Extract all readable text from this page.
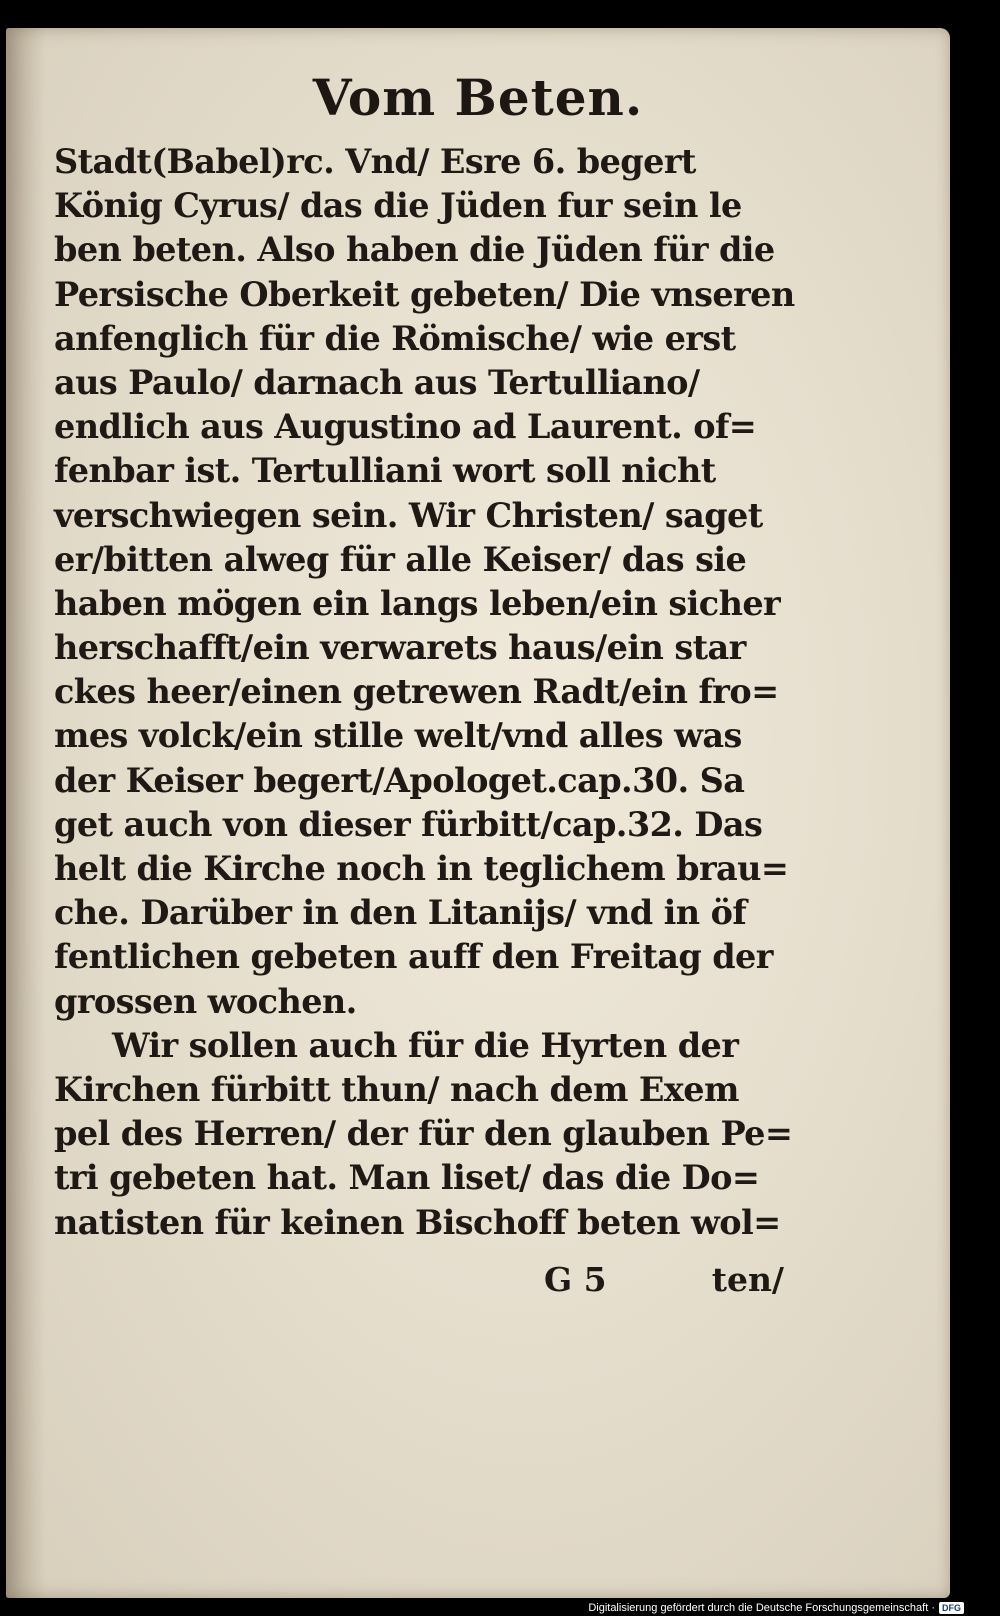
Vom Beten.
Stadt(Babel)rc. Vnd/ Esre 6. begert
König Cyrus/ das die Jüden fur sein le
ben beten. Also haben die Jüden für die
Persische Oberkeit gebeten/ Die vnseren
anfenglich für die Römische/ wie erst
aus Paulo/ darnach aus Tertulliano/
endlich aus Augustino ad Laurent. of=
fenbar ist. Tertulliani wort soll nicht
verschwiegen sein. Wir Christen/ saget
er/bitten alweg für alle Keiser/ das sie
haben mögen ein langs leben/ein sicher
herschafft/ein verwarets haus/ein star
ckes heer/einen getrewen Radt/ein fro=
mes volck/ein stille welt/vnd alles was
der Keiser begert/Apologet.cap.30. Sa
get auch von dieser fürbitt/cap.32. Das
helt die Kirche noch in teglichem brau=
che. Darüber in den Litanijs/ vnd in öf
fentlichen gebeten auff den Freitag der
grossen wochen.
Wir sollen auch für die Hyrten der
Kirchen fürbitt thun/ nach dem Exem
pel des Herren/ der für den glauben Pe=
tri gebeten hat. Man liset/ das die Do=
natisten für keinen Bischoff beten wol=
G 5	ten/
Digitalisierung gefördert durch die Deutsche Forschungsgemeinschaft · DFG
